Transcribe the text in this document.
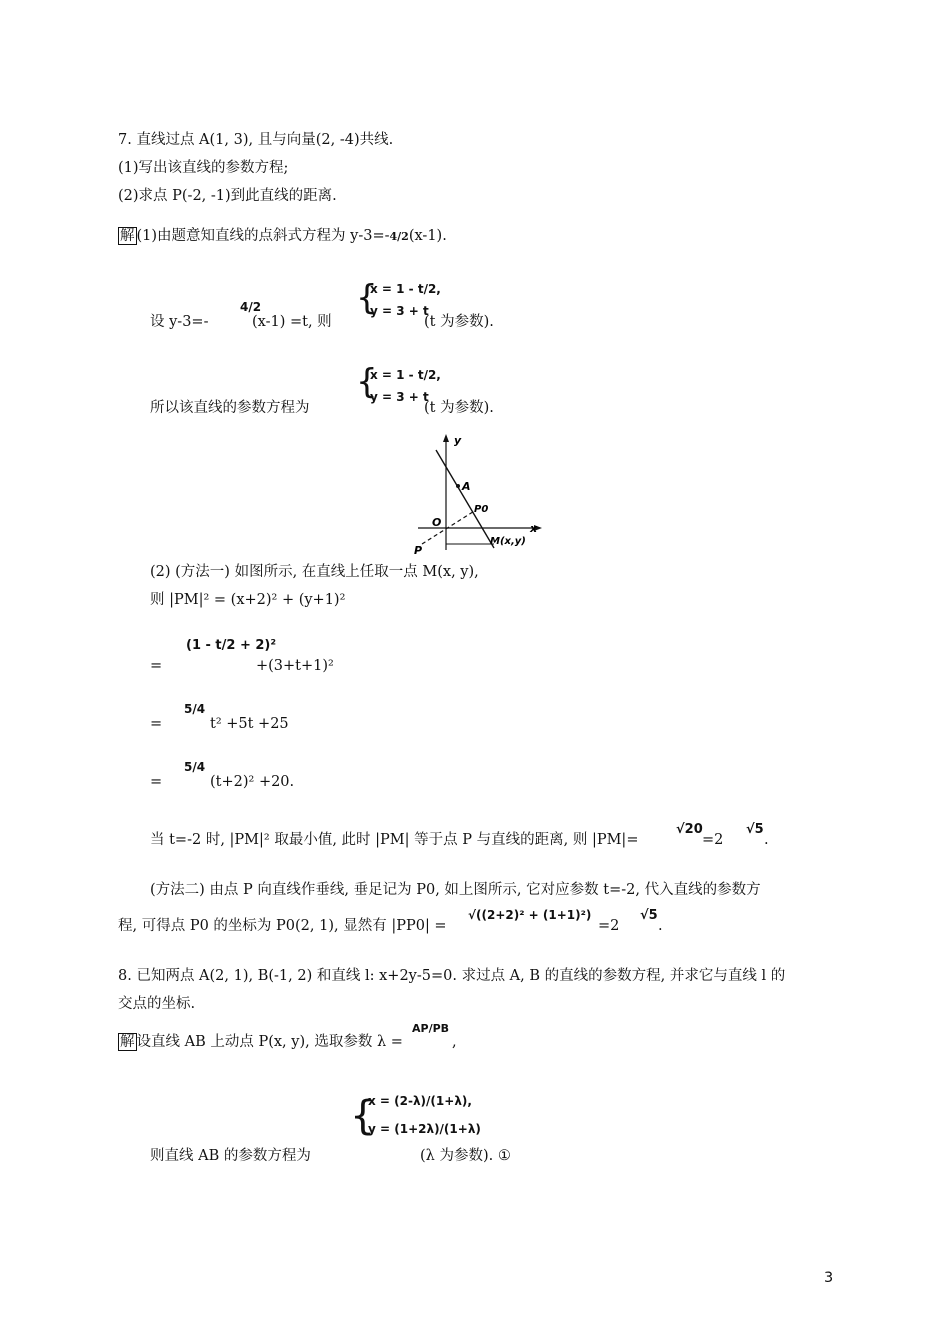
7. 直线过点 A(1, 3), 且与向量(2, -4)共线.
(1)写出该直线的参数方程;
(2)求点 P(-2, -1)到此直线的距离.
解 (1)由题意知直线的点斜式方程为 y-3=-4/2(x-1).
设 y-3=-
4/2
(x-1) =t, 则
{
x = 1 - t/2,
y = 3 + t
(t 为参数).
所以该直线的参数方程为
{
x = 1 - t/2,
y = 3 + t
(t 为参数).
y
x
A
P0
O
P
M(x,y)
(2) (方法一) 如图所示, 在直线上任取一点 M(x, y),
则 |PM|² = (x+2)² + (y+1)²
=
(1 - t/2 + 2)²
+(3+t+1)²
=
5/4
t² +5t +25
=
5/4
(t+2)² +20.
当 t=-2 时, |PM|² 取最小值, 此时 |PM| 等于点 P 与直线的距离, 则 |PM|=
√20
=2
√5
.
(方法二) 由点 P 向直线作垂线, 垂足记为 P0, 如上图所示, 它对应参数 t=-2, 代入直线的参数方
程, 可得点 P0 的坐标为 P0(2, 1), 显然有 |PP0| =
√((2+2)² + (1+1)²)
=2
√5
.
8. 已知两点 A(2, 1), B(-1, 2) 和直线 l: x+2y-5=0. 求过点 A, B 的直线的参数方程, 并求它与直线 l 的
交点的坐标.
解 设直线 AB 上动点 P(x, y), 选取参数 λ =
AP/PB
,
{
x = (2-λ)/(1+λ),
y = (1+2λ)/(1+λ)
则直线 AB 的参数方程为	(λ 为参数). ①
3
